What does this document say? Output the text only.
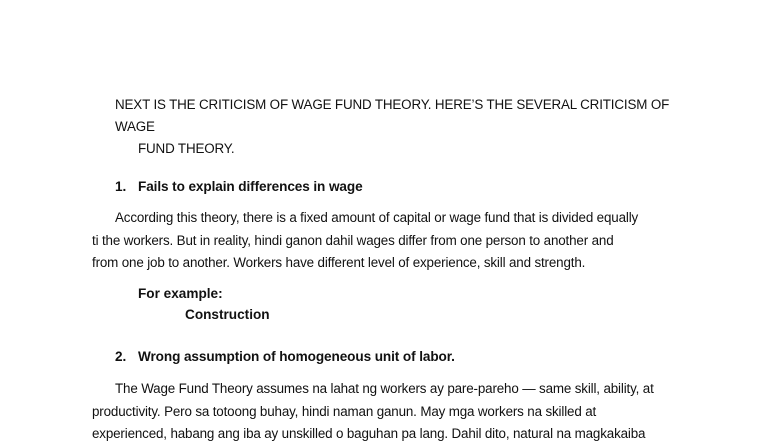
NEXT IS THE CRITICISM OF WAGE FUND THEORY. HERE’S THE SEVERAL CRITICISM OF WAGE
FUND THEORY.
1. Fails to explain differences in wage
According this theory, there is a fixed amount of capital or wage fund that is divided equally
ti the workers. But in reality, hindi ganon dahil wages differ from one person to another and
from one job to another. Workers have different level of experience, skill and strength.
For example:
Construction
2. Wrong assumption of homogeneous unit of labor.
The Wage Fund Theory assumes na lahat ng workers ay pare-pareho — same skill, ability, at
productivity. Pero sa totoong buhay, hindi naman ganun. May mga workers na skilled at
experienced, habang ang iba ay unskilled o baguhan pa lang. Dahil dito, natural na magkakaiba
